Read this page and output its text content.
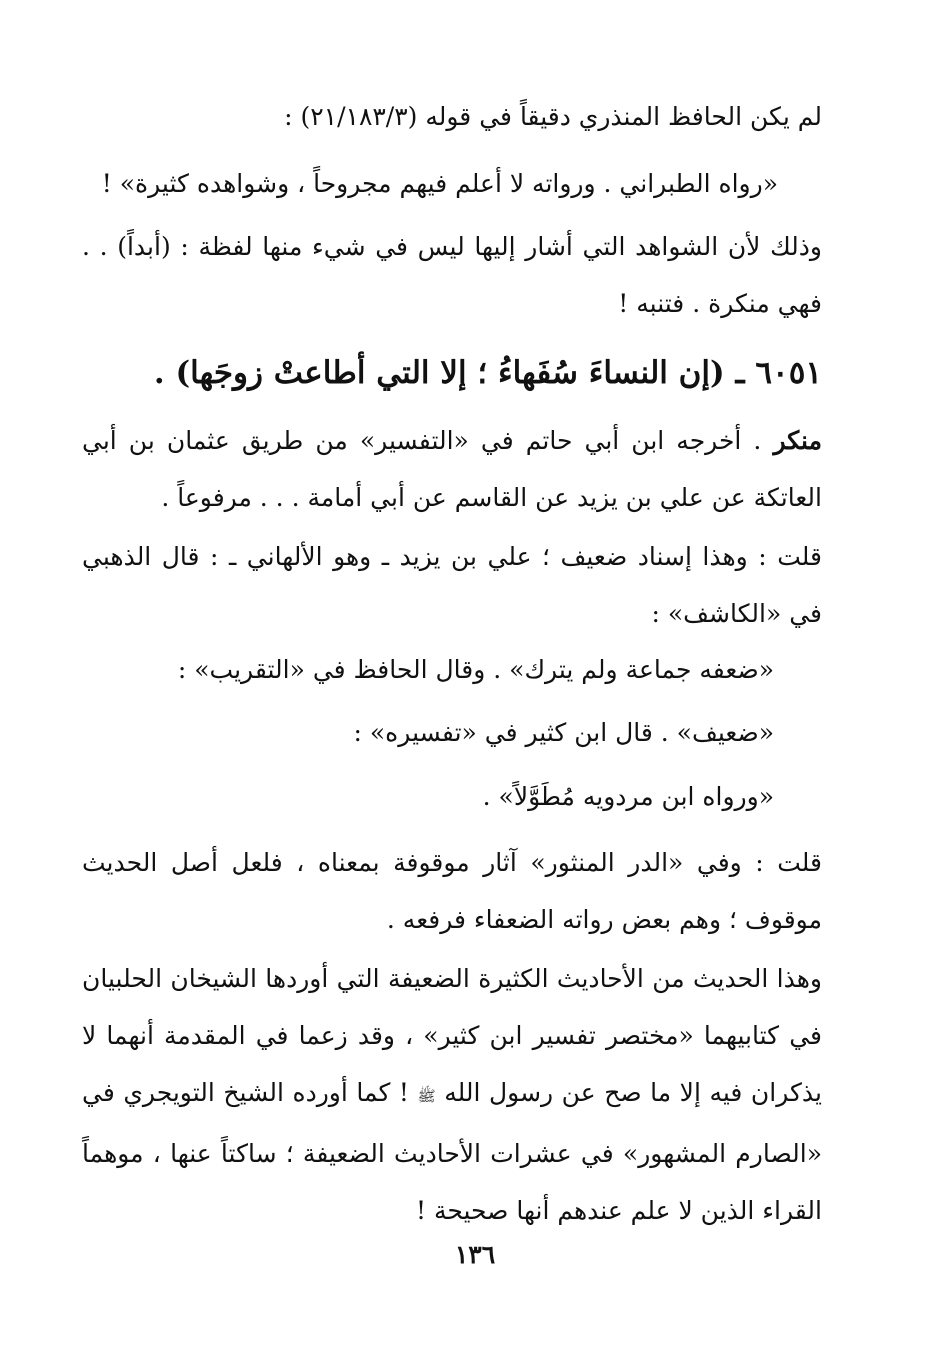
لم يكن الحافظ المنذري دقيقاً في قوله (٢١/١٨٣/٣) :

«رواه الطبراني . ورواته لا أعلم فيهم مجروحاً ، وشواهده كثيرة» !

وذلك لأن الشواهد التي أشار إليها ليس في شيء منها لفظة : (أبداً) . . فهي منكرة . فتنبه !

٦٠٥١ ـ (إن النساءَ سُفَهاءُ ؛ إلا التي أطاعتْ زوجَها) .

منكر . أخرجه ابن أبي حاتم في «التفسير» من طريق عثمان بن أبي العاتكة عن علي بن يزيد عن القاسم عن أبي أمامة . . . مرفوعاً .

قلت : وهذا إسناد ضعيف ؛ علي بن يزيد ـ وهو الألهاني ـ : قال الذهبي في «الكاشف» :

«ضعفه جماعة ولم يترك» . وقال الحافظ في «التقريب» :

«ضعيف» . قال ابن كثير في «تفسيره» :

«ورواه ابن مردويه مُطَوَّلاً» .

قلت : وفي «الدر المنثور» آثار موقوفة بمعناه ، فلعل أصل الحديث موقوف ؛ وهم بعض رواته الضعفاء فرفعه .

وهذا الحديث من الأحاديث الكثيرة الضعيفة التي أوردها الشيخان الحلبيان في كتابيهما «مختصر تفسير ابن كثير» ، وقد زعما في المقدمة أنهما لا يذكران فيه إلا ما صح عن رسول الله ﷺ ! كما أورده الشيخ التويجري في «الصارم المشهور» في عشرات الأحاديث الضعيفة ؛ ساكتاً عنها ، موهماً القراء الذين لا علم عندهم أنها صحيحة !

١٣٦
